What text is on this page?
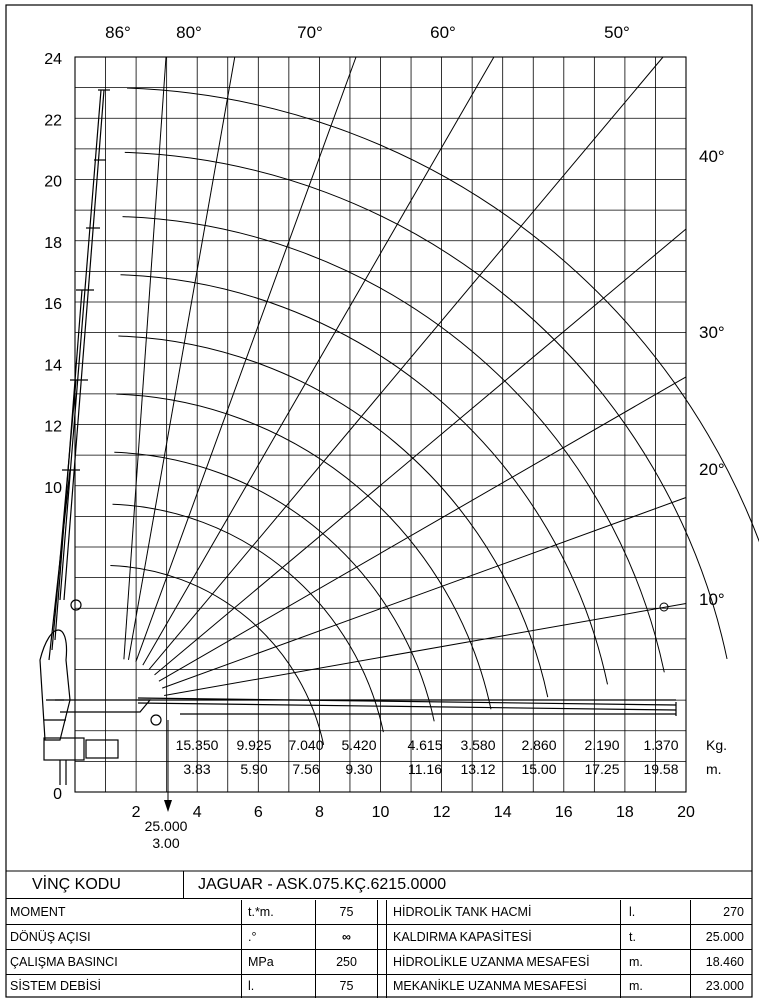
24
22
20
18
16
14
12
10
0
2	4	6	8	10	12	14	16	18	20
86°	80°	70°	60°	50°
40°
30°
20°
10°
15.350 9.925 7.040 5.420 4.615 3.580 2.860 2.190 1.370
3.83 5.90 7.56 9.30	11.16 13.12 15.00 17.25 19.58
Kg.
m.
25.000
3.00
VİNÇ KODU	JAGUAR - ASK.075.KÇ.6215.0000
MOMENT	t.*m.	75	HİDROLİK TANK HACMİ	l.	270
DÖNÜŞ AÇISI	.°	∞	KALDIRMA KAPASİTESİ	t.	25.000
ÇALIŞMA BASINCI	MPa	250	HİDROLİKLE UZANMA MESAFESİ	m.	18.460
SİSTEM DEBİSİ	l.	75	MEKANİKLE UZANMA MESAFESİ	m.	23.000
